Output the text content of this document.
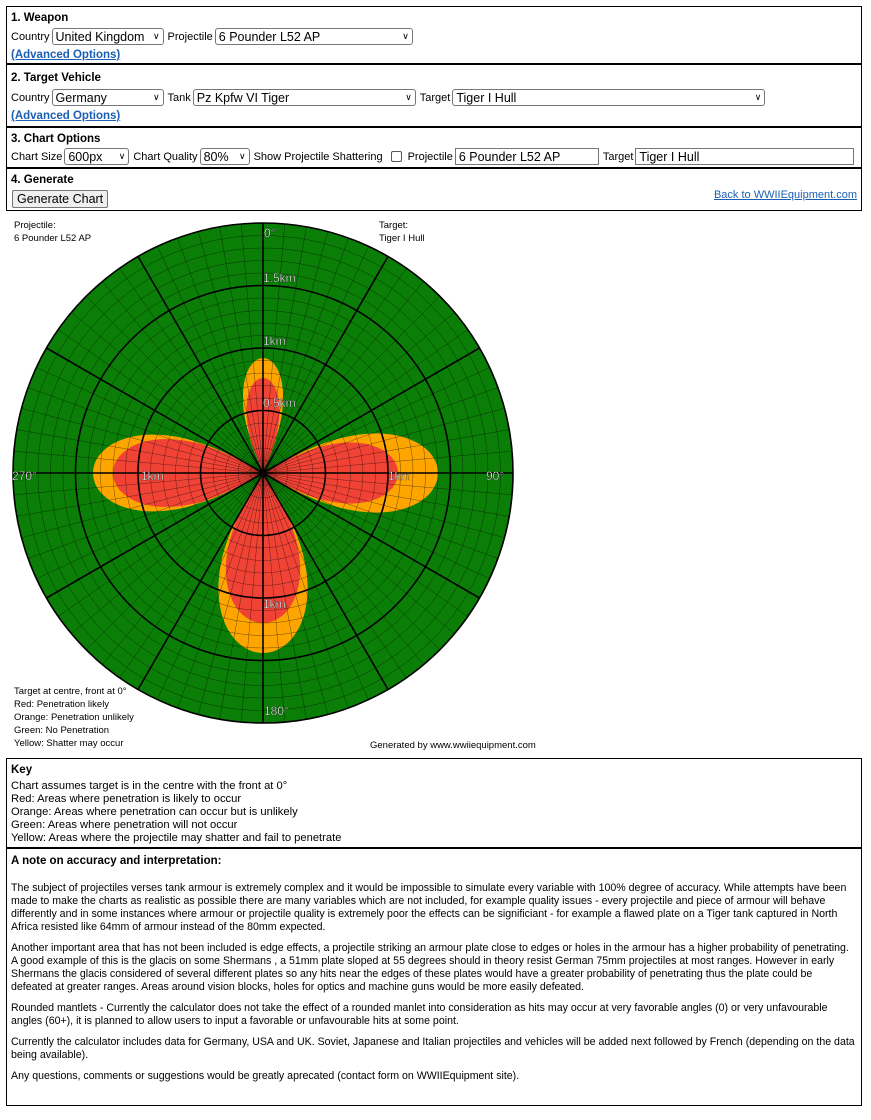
1. Weapon
Country United Kingdom ∨ Projectile 6 Pounder L52 AP	∨
(Advanced Options)
2. Target Vehicle
Country Germany	∨ Tank Pz Kpfw VI Tiger	∨ Target Tiger I Hull	∨
(Advanced Options)
3. Chart Options
Chart Size 600px ∨ Chart Quality 80% ∨ Show Projectile Shattering Projectile 6 Pounder L52 AP	Target Tiger I Hull
4. Generate
Generate Chart	Back to WWIIEquipment.com
Projectile:
6 Pounder L52 AP
Target:
Tiger I Hull
0°
90°
180°
270°
1.5km
1km
0.5km
1km	1km
1km
Target at centre, front at 0°
Red: Penetration likely
Orange: Penetration unlikely
Green: No Penetration
Yellow: Shatter may occur	Generated by www.wwiiequipment.com
Key
Chart assumes target is in the centre with the front at 0°
Red: Areas where penetration is likely to occur
Orange: Areas where penetration can occur but is unlikely
Green: Areas where penetration will not occur
Yellow: Areas where the projectile may shatter and fail to penetrate
A note on accuracy and interpretation:

The subject of projectiles verses tank armour is extremely complex and it would be impossible to simulate every variable with 100% degree of accuracy. While attempts have been made to make the charts as realistic as possible there are many variables which are not included, for example quality issues - every projectile and piece of armour will behave differently and in some instances where armour or projectile quality is extremely poor the effects can be significiant - for example a flawed plate on a Tiger tank captured in North Africa resisted like 64mm of armour instead of the 80mm expected.

Another important area that has not been included is edge effects, a projectile striking an armour plate close to edges or holes in the armour has a higher probability of penetrating. A good example of this is the glacis on some Shermans , a 51mm plate sloped at 55 degrees should in theory resist German 75mm projectiles at most ranges. However in early Shermans the glacis considered of several different plates so any hits near the edges of these plates would have a greater probability of penetrating thus the plate could be defeated at greater ranges. Areas around vision blocks, holes for optics and machine guns would be more easily defeated.

Rounded mantlets - Currently the calculator does not take the effect of a rounded manlet into consideration as hits may occur at very favorable angles (0) or very unfavourable angles (60+), it is planned to allow users to input a favorable or unfavourable hits at some point.

Currently the calculator includes data for Germany, USA and UK. Soviet, Japanese and Italian projectiles and vehicles will be added next followed by French (depending on the data being available).

Any questions, comments or suggestions would be greatly aprecated (contact form on WWIIEquipment site).
